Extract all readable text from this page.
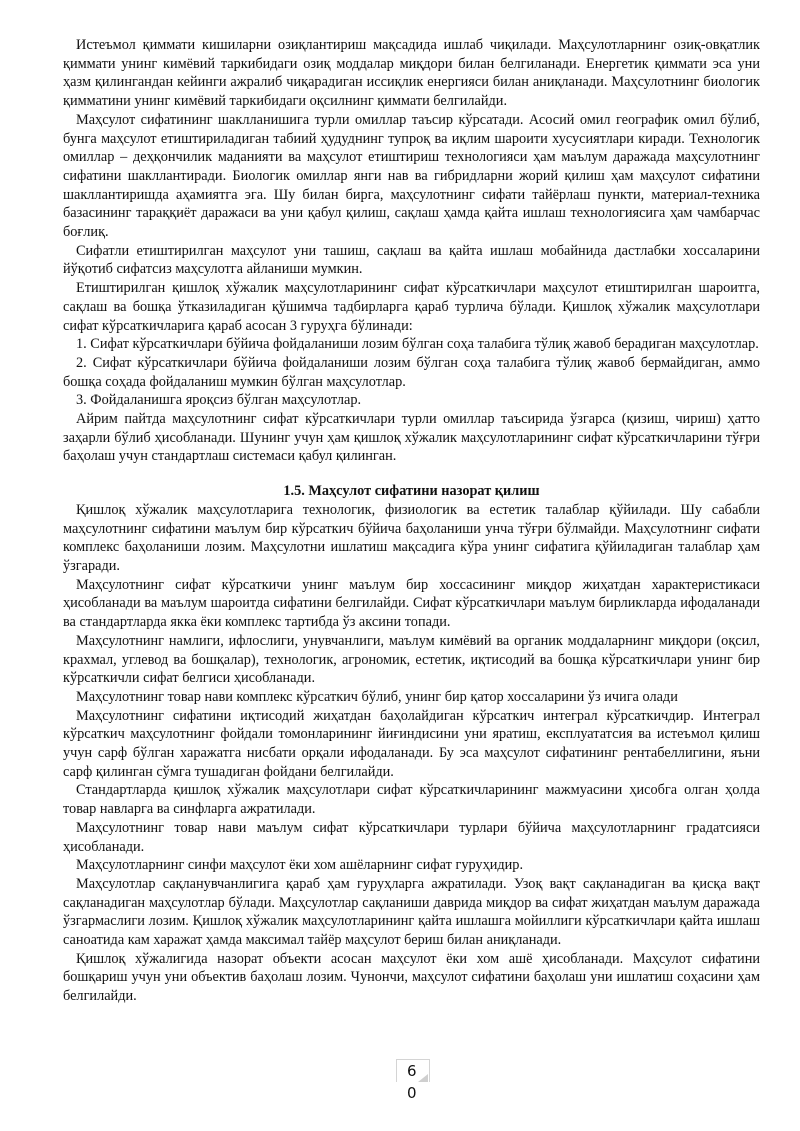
Истеъмол қиммати кишиларни озиқлантириш мақсадида ишлаб чиқилади. Маҳсулотларнинг озиқ-овқатлик қиммати унинг кимёвий таркибидаги озиқ моддалар миқдори билан белгиланади. Енергетик қиммати эса уни ҳазм қилингандан кейинги ажралиб чиқарадиган иссиқлик енергияси билан аниқланади. Маҳсулотнинг биологик қимматини унинг кимёвий таркибидаги оқсилнинг қиммати белгилайди.

Маҳсулот сифатининг шаклланишига турли омиллар таъсир кўрсатади. Асосий омил географик омил бўлиб, бунга маҳсулот етиштириладиган табиий ҳудуднинг тупроқ ва иқлим шароити хусусиятлари киради. Технологик омиллар – деҳқончилик маданияти ва маҳсулот етиштириш технологияси ҳам маълум даражада маҳсулотнинг сифатини шакллантиради. Биологик омиллар янги нав ва гибридларни жорий қилиш ҳам маҳсулот сифатини шакллантиришда аҳамиятга эга. Шу билан бирга, маҳсулотнинг сифати тайёрлаш пункти, материал-техника базасининг тараққиёт даражаси ва уни қабул қилиш, сақлаш ҳамда қайта ишлаш технологиясига ҳам чамбарчас боғлиқ.

Сифатли етиштирилган маҳсулот уни ташиш, сақлаш ва қайта ишлаш мобайнида дастлабки хоссаларини йўқотиб сифатсиз маҳсулотга айланиши мумкин.

Етиштирилган қишлоқ хўжалик маҳсулотларининг сифат кўрсаткичлари маҳсулот етиштирилган шароитга, сақлаш ва бошқа ўтказиладиган қўшимча тадбирларга қараб турлича бўлади. Қишлоқ хўжалик маҳсулотлари сифат кўрсаткичларига қараб асосан 3 гуруҳга бўлинади:

1. Сифат кўрсаткичлари бўйича фойдаланиши лозим бўлган соҳа талабига тўлиқ жавоб берадиган маҳсулотлар.

2. Сифат кўрсаткичлари бўйича фойдаланиши лозим бўлган соҳа талабига тўлиқ жавоб бермайдиган, аммо бошқа соҳада фойдаланиш мумкин бўлган маҳсулотлар.

3. Фойдаланишга яроқсиз бўлган маҳсулотлар.

Айрим пайтда маҳсулотнинг сифат кўрсаткичлари турли омиллар таъсирида ўзгарса (қизиш, чириш) ҳатто заҳарли бўлиб ҳисобланади. Шунинг учун ҳам қишлоқ хўжалик маҳсулотларининг сифат кўрсаткичларини тўғри баҳолаш учун стандартлаш системаси қабул қилинган.

1.5. Маҳсулот сифатини назорат қилиш

Қишлоқ хўжалик маҳсулотларига технологик, физиологик ва естетик талаблар қўйилади. Шу сабабли маҳсулотнинг сифатини маълум бир кўрсаткич бўйича баҳоланиши унча тўғри бўлмайди. Маҳсулотнинг сифати комплекс баҳоланиши лозим. Маҳсулотни ишлатиш мақсадига кўра унинг сифатига қўйиладиган талаблар ҳам ўзгаради.

Маҳсулотнинг сифат кўрсаткичи унинг маълум бир хоссасининг миқдор жиҳатдан характеристикаси ҳисобланади ва маълум шароитда сифатини белгилайди. Сифат кўрсаткичлари маълум бирликларда ифодаланади ва стандартларда якка ёки комплекс тартибда ўз аксини топади.

Маҳсулотнинг намлиги, ифлослиги, унувчанлиги, маълум кимёвий ва органик моддаларнинг миқдори (оқсил, крахмал, углевод ва бошқалар), технологик, агрономик, естетик, иқтисодий ва бошқа кўрсаткичлари унинг бир кўрсаткичли сифат белгиси ҳисобланади.

Маҳсулотнинг товар нави комплекс кўрсаткич бўлиб, унинг бир қатор хоссаларини ўз ичига олади

Маҳсулотнинг сифатини иқтисодий жиҳатдан баҳолайдиган кўрсаткич интеграл кўрсаткичдир. Интеграл кўрсаткич маҳсулотнинг фойдали томонларининг йиғиндисини уни яратиш, експлуататсия ва истеъмол қилиш учун сарф бўлган харажатга нисбати орқали ифодаланади. Бу эса маҳсулот сифатининг рентабеллигини, яъни сарф қилинган сўмга тушадиган фойдани белгилайди.

Стандартларда қишлоқ хўжалик маҳсулотлари сифат кўрсаткичларининг мажмуасини ҳисобга олган ҳолда товар навларга ва синфларга ажратилади.

Маҳсулотнинг товар нави маълум сифат кўрсаткичлари турлари бўйича маҳсулотларнинг градатсияси ҳисобланади.

Маҳсулотларнинг синфи маҳсулот ёки хом ашёларнинг сифат гуруҳидир.

Маҳсулотлар сақланувчанлигига қараб ҳам гуруҳларга ажратилади. Узоқ вақт сақланадиган ва қисқа вақт сақланадиган маҳсулотлар бўлади. Маҳсулотлар сақланиши даврида миқдор ва сифат жиҳатдан маълум даражада ўзгармаслиги лозим. Қишлоқ хўжалик маҳсулотларининг қайта ишлашга мойиллиги кўрсаткичлари қайта ишлаш саноатида кам харажат ҳамда максимал тайёр маҳсулот бериш билан аниқланади.

Қишлоқ хўжалигида назорат объекти асосан маҳсулот ёки хом ашё ҳисобланади. Маҳсулот сифатини бошқариш учун уни объектив баҳолаш лозим. Чунончи, маҳсулот сифатини баҳолаш уни ишлатиш соҳасини ҳам белгилайди.

6
0
